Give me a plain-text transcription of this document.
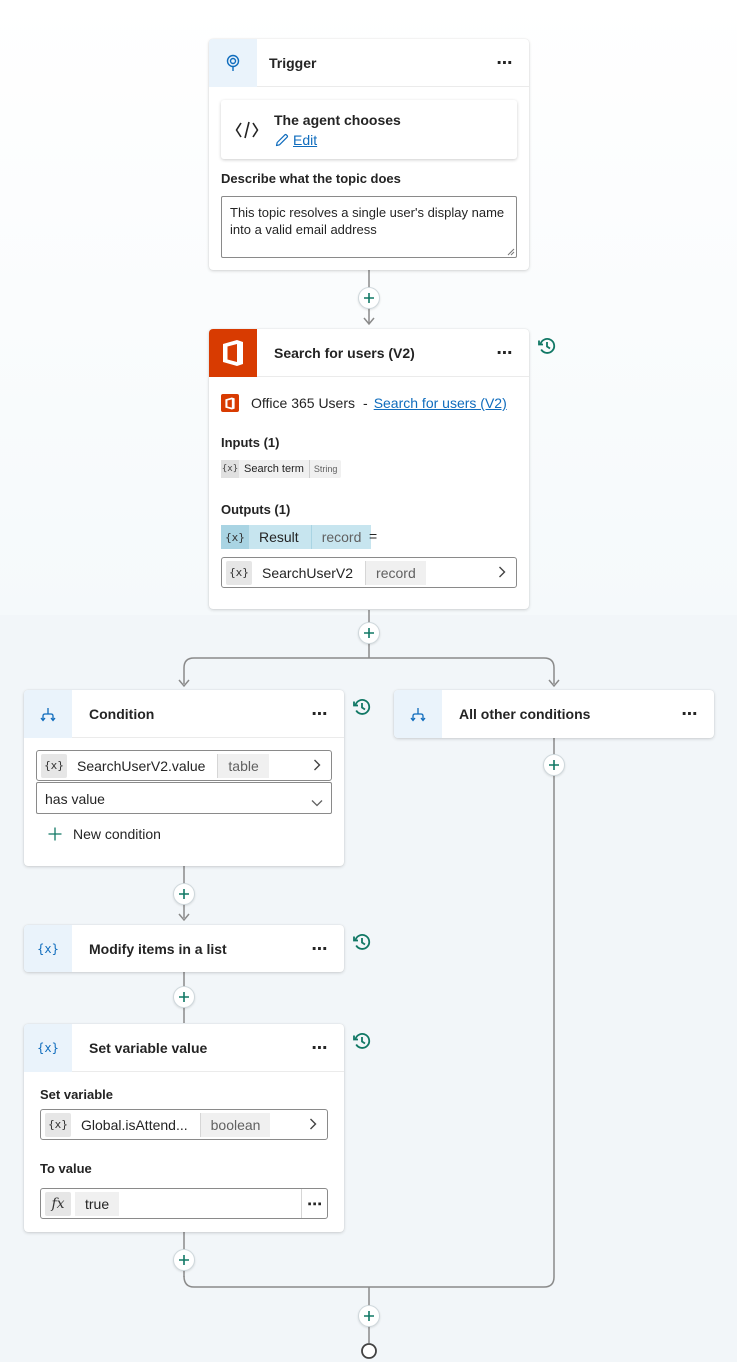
Trigger	⋯
The agent chooses
Edit
Describe what the topic does
This topic resolves a single user's display name into a valid email address
Search for users (V2)	⋯
Office 365 Users - Search for users (V2)
Inputs (1)
{x} Search term	String
Outputs (1)
{x} Result	record =
{x} SearchUserV2	record
Condition	⋯
{x} SearchUserV2.value	table
has value
New condition
All other conditions	⋯
{x} Modify items in a list	⋯
{x} Set variable value	⋯
Set variable
{x} Global.isAttend...	boolean
To value
fx	true	⋯
